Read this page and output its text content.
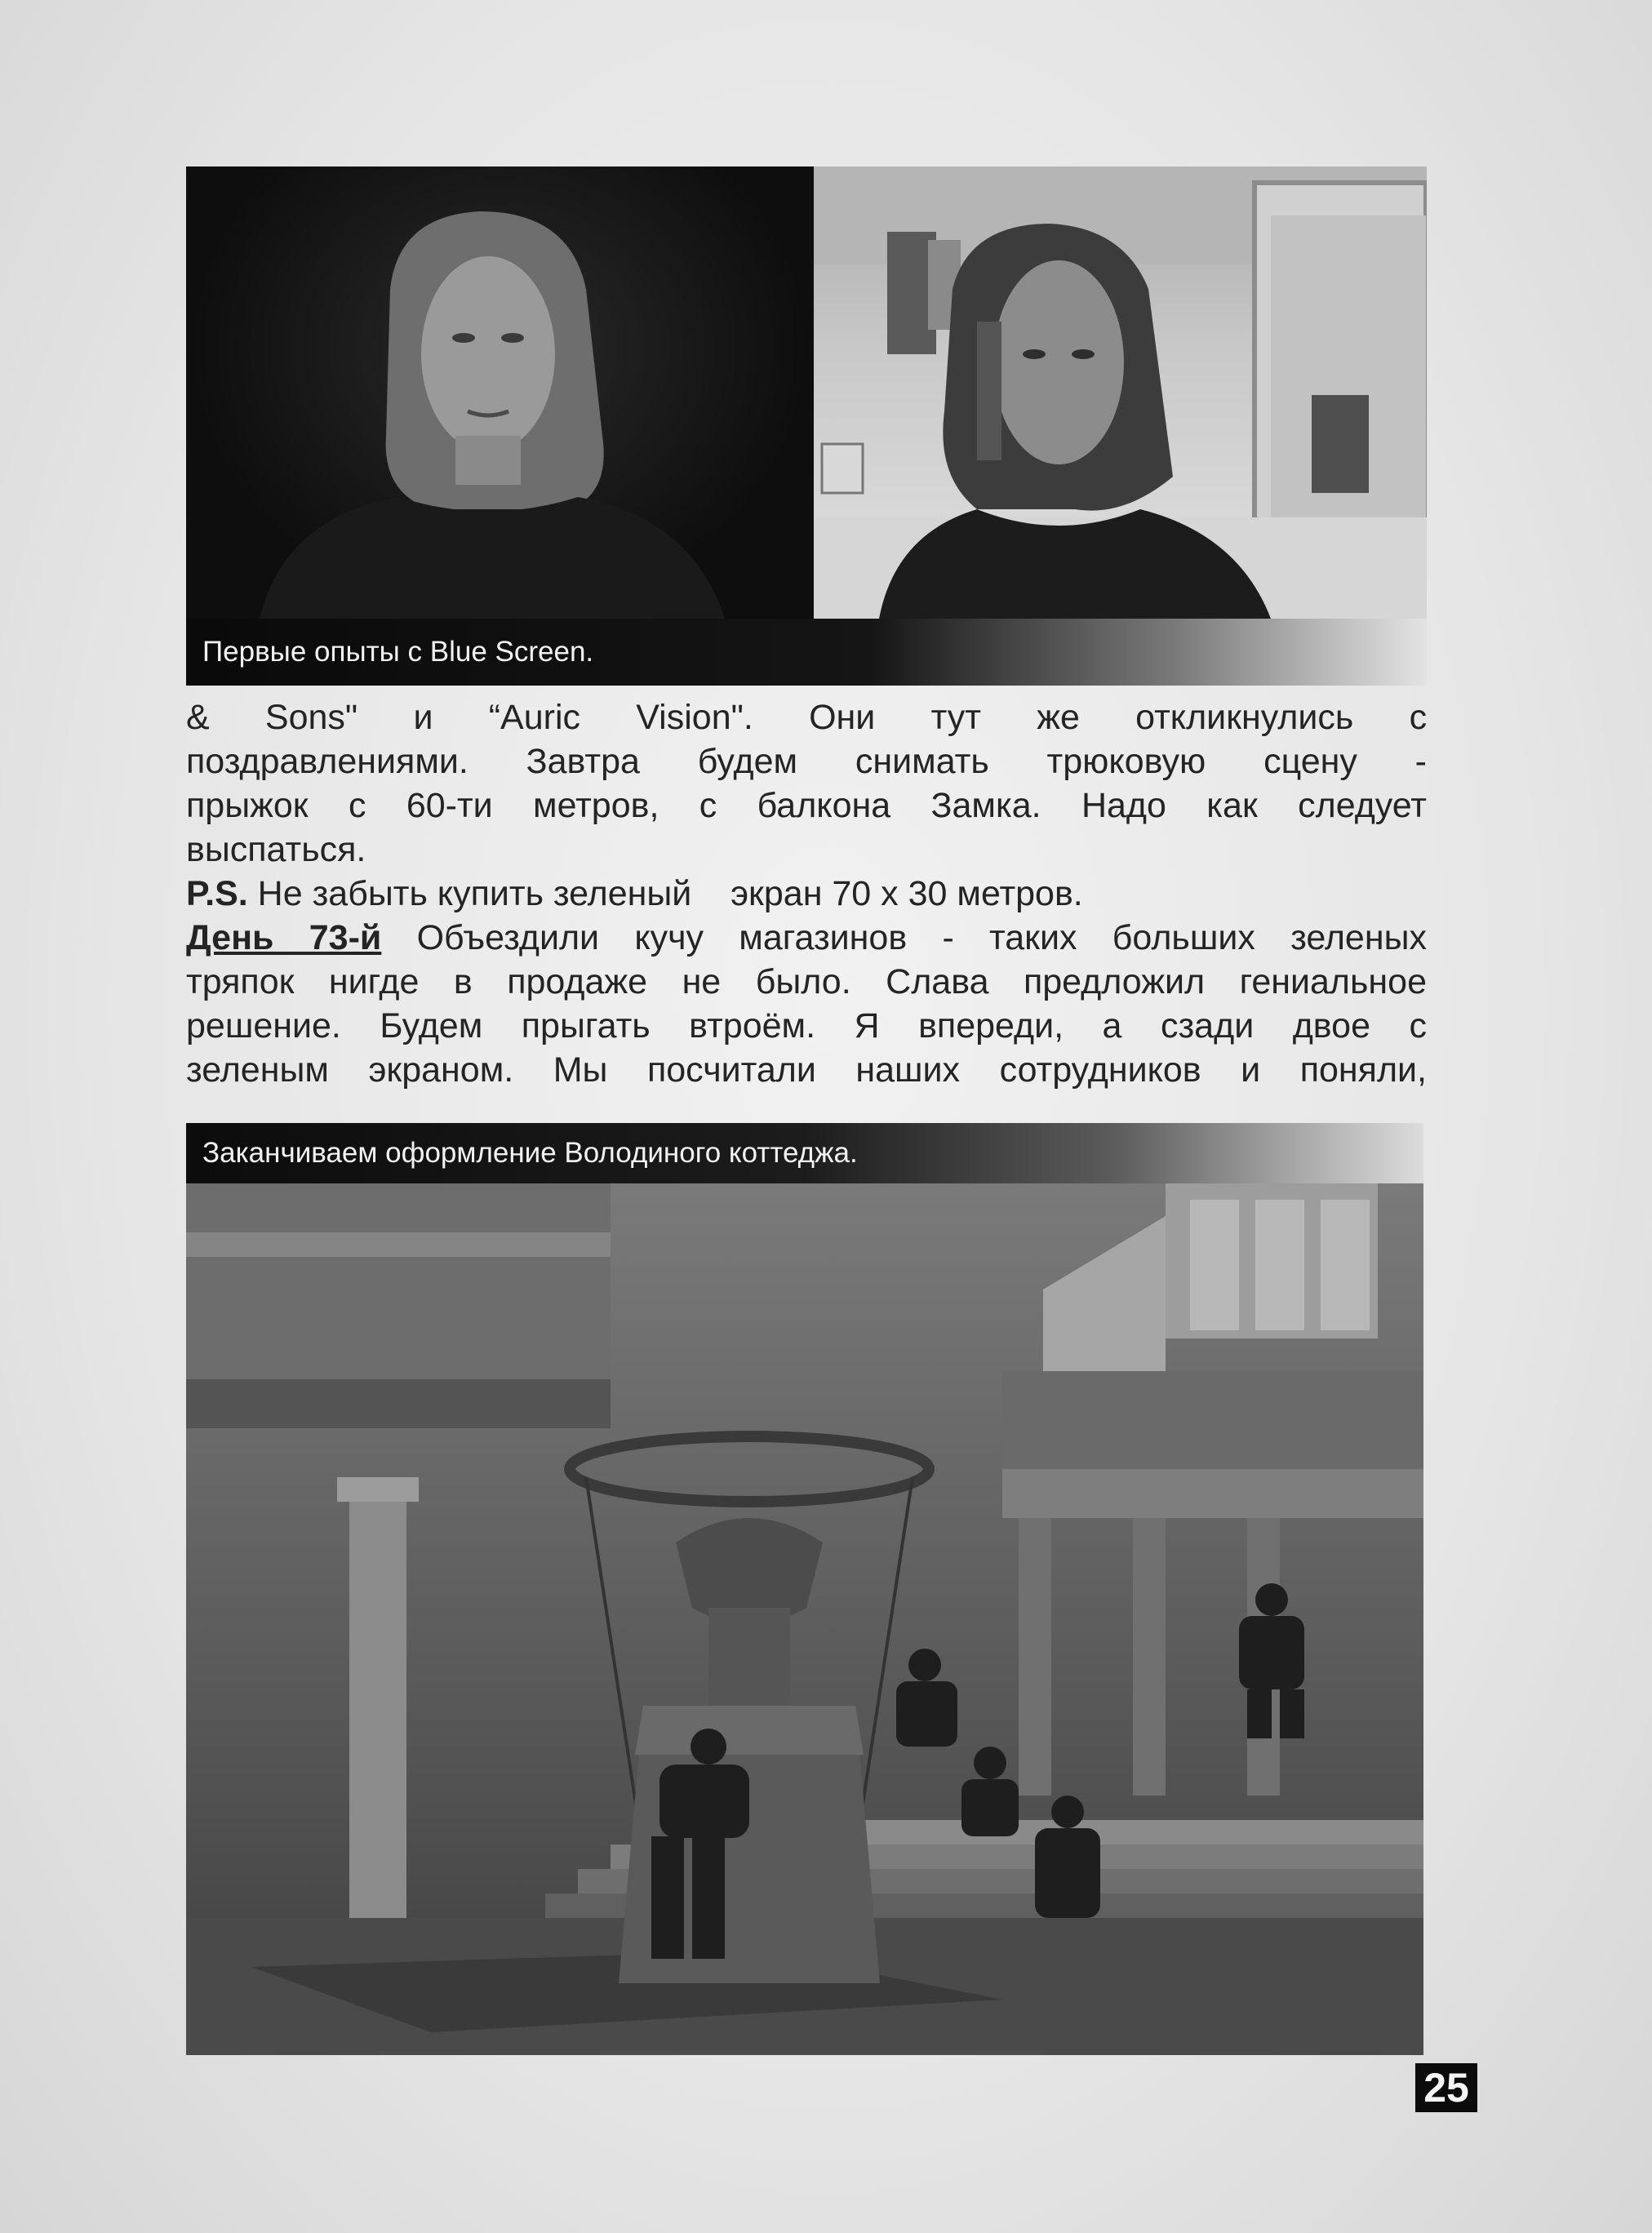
Первые опыты с Blue Screen.
& Sons" и “Auric Vision". Они тут же откликнулись с
поздравлениями. Завтра будем снимать трюковую сцену -
прыжок с 60-ти метров, с балкона Замка. Надо как следует
выспаться.
P.S. Не забыть купить зеленый    экран 70 x 30 метров.
День 73-й Объездили кучу магазинов - таких больших зеленых
тряпок нигде в продаже не было. Слава предложил гениальное
решение. Будем прыгать втроём. Я впереди, а сзади двое с
зеленым экраном. Мы посчитали наших сотрудников и поняли,
Заканчиваем оформление Володиного коттеджа.
25
